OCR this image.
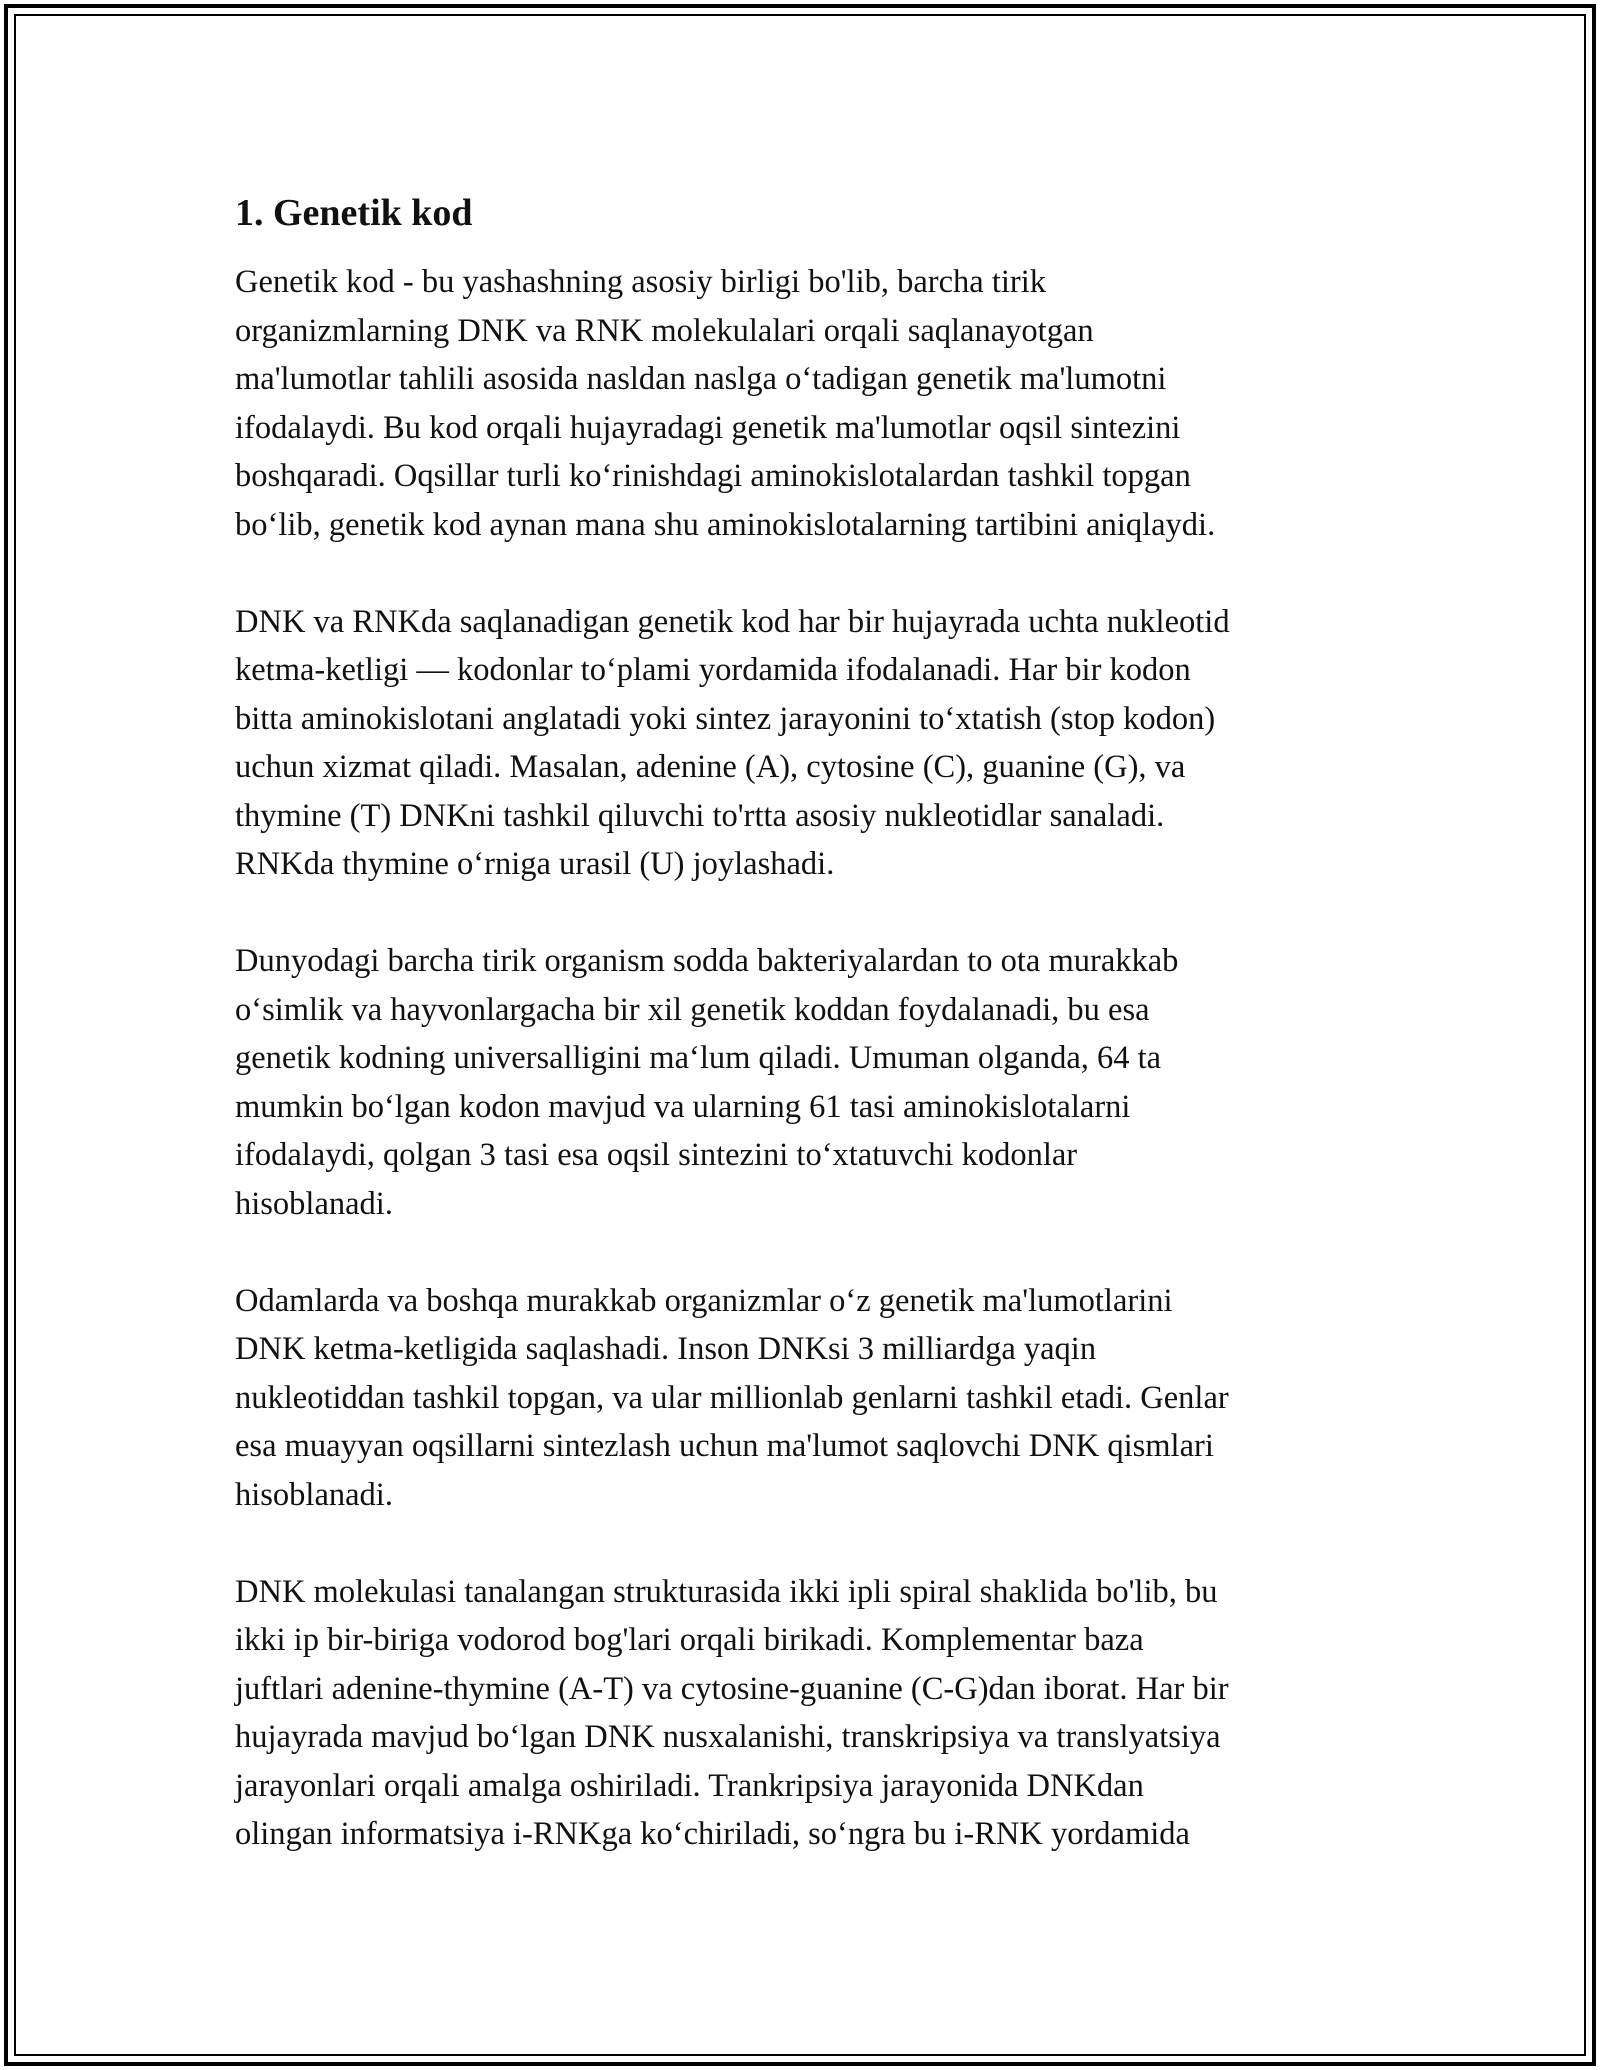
1. Genetik kod

Genetik kod - bu yashashning asosiy birligi bo'lib, barcha tirik
organizmlarning DNK va RNK molekulalari orqali saqlanayotgan
ma'lumotlar tahlili asosida nasldan naslga o‘tadigan genetik ma'lumotni
ifodalaydi. Bu kod orqali hujayradagi genetik ma'lumotlar oqsil sintezini
boshqaradi. Oqsillar turli ko‘rinishdagi aminokislotalardan tashkil topgan
bo‘lib, genetik kod aynan mana shu aminokislotalarning tartibini aniqlaydi.

DNK va RNKda saqlanadigan genetik kod har bir hujayrada uchta nukleotid
ketma-ketligi — kodonlar to‘plami yordamida ifodalanadi. Har bir kodon
bitta aminokislotani anglatadi yoki sintez jarayonini to‘xtatish (stop kodon)
uchun xizmat qiladi. Masalan, adenine (A), cytosine (C), guanine (G), va
thymine (T) DNKni tashkil qiluvchi to'rtta asosiy nukleotidlar sanaladi.
RNKda thymine o‘rniga urasil (U) joylashadi.

Dunyodagi barcha tirik organism sodda bakteriyalardan to ota murakkab
o‘simlik va hayvonlargacha bir xil genetik koddan foydalanadi, bu esa
genetik kodning universalligini ma‘lum qiladi. Umuman olganda, 64 ta
mumkin bo‘lgan kodon mavjud va ularning 61 tasi aminokislotalarni
ifodalaydi, qolgan 3 tasi esa oqsil sintezini to‘xtatuvchi kodonlar
hisoblanadi.

Odamlarda va boshqa murakkab organizmlar o‘z genetik ma'lumotlarini
DNK ketma-ketligida saqlashadi. Inson DNKsi 3 milliardga yaqin
nukleotiddan tashkil topgan, va ular millionlab genlarni tashkil etadi. Genlar
esa muayyan oqsillarni sintezlash uchun ma'lumot saqlovchi DNK qismlari
hisoblanadi.

DNK molekulasi tanalangan strukturasida ikki ipli spiral shaklida bo'lib, bu
ikki ip bir-biriga vodorod bog'lari orqali birikadi. Komplementar baza
juftlari adenine-thymine (A-T) va cytosine-guanine (C-G)dan iborat. Har bir
hujayrada mavjud bo‘lgan DNK nusxalanishi, transkripsiya va translyatsiya
jarayonlari orqali amalga oshiriladi. Trankripsiya jarayonida DNKdan
olingan informatsiya i-RNKga ko‘chiriladi, so‘ngra bu i-RNK yordamida
